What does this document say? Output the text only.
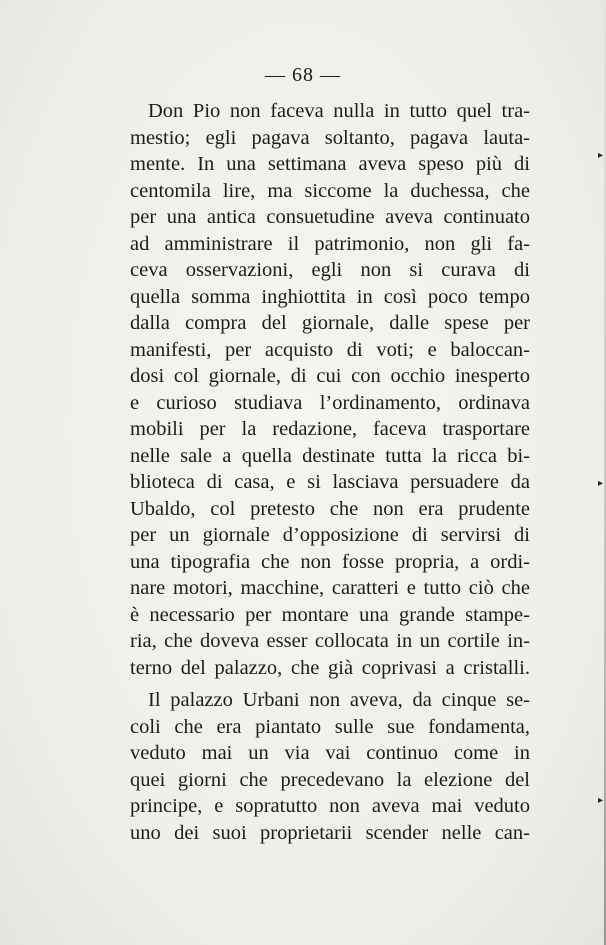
— 68 —
Don Pio non faceva nulla in tutto quel tra-
mestio; egli pagava soltanto, pagava lauta-
mente. In una settimana aveva speso più di
centomila lire, ma siccome la duchessa, che
per una antica consuetudine aveva continuato
ad amministrare il patrimonio, non gli fa-
ceva osservazioni, egli non si curava di
quella somma inghiottita in così poco tempo
dalla compra del giornale, dalle spese per
manifesti, per acquisto di voti; e baloccan-
dosi col giornale, di cui con occhio inesperto
e curioso studiava l’ordinamento, ordinava
mobili per la redazione, faceva trasportare
nelle sale a quella destinate tutta la ricca bi-
blioteca di casa, e si lasciava persuadere da
Ubaldo, col pretesto che non era prudente
per un giornale d’opposizione di servirsi di
una tipografia che non fosse propria, a ordi-
nare motori, macchine, caratteri e tutto ciò che
è necessario per montare una grande stampe-
ria, che doveva esser collocata in un cortile in-
terno del palazzo, che già coprivasi a cristalli.
Il palazzo Urbani non aveva, da cinque se-
coli che era piantato sulle sue fondamenta,
veduto mai un via vai continuo come in
quei giorni che precedevano la elezione del
principe, e sopratutto non aveva mai veduto
uno dei suoi proprietarii scender nelle can-
▸
▸
▸
